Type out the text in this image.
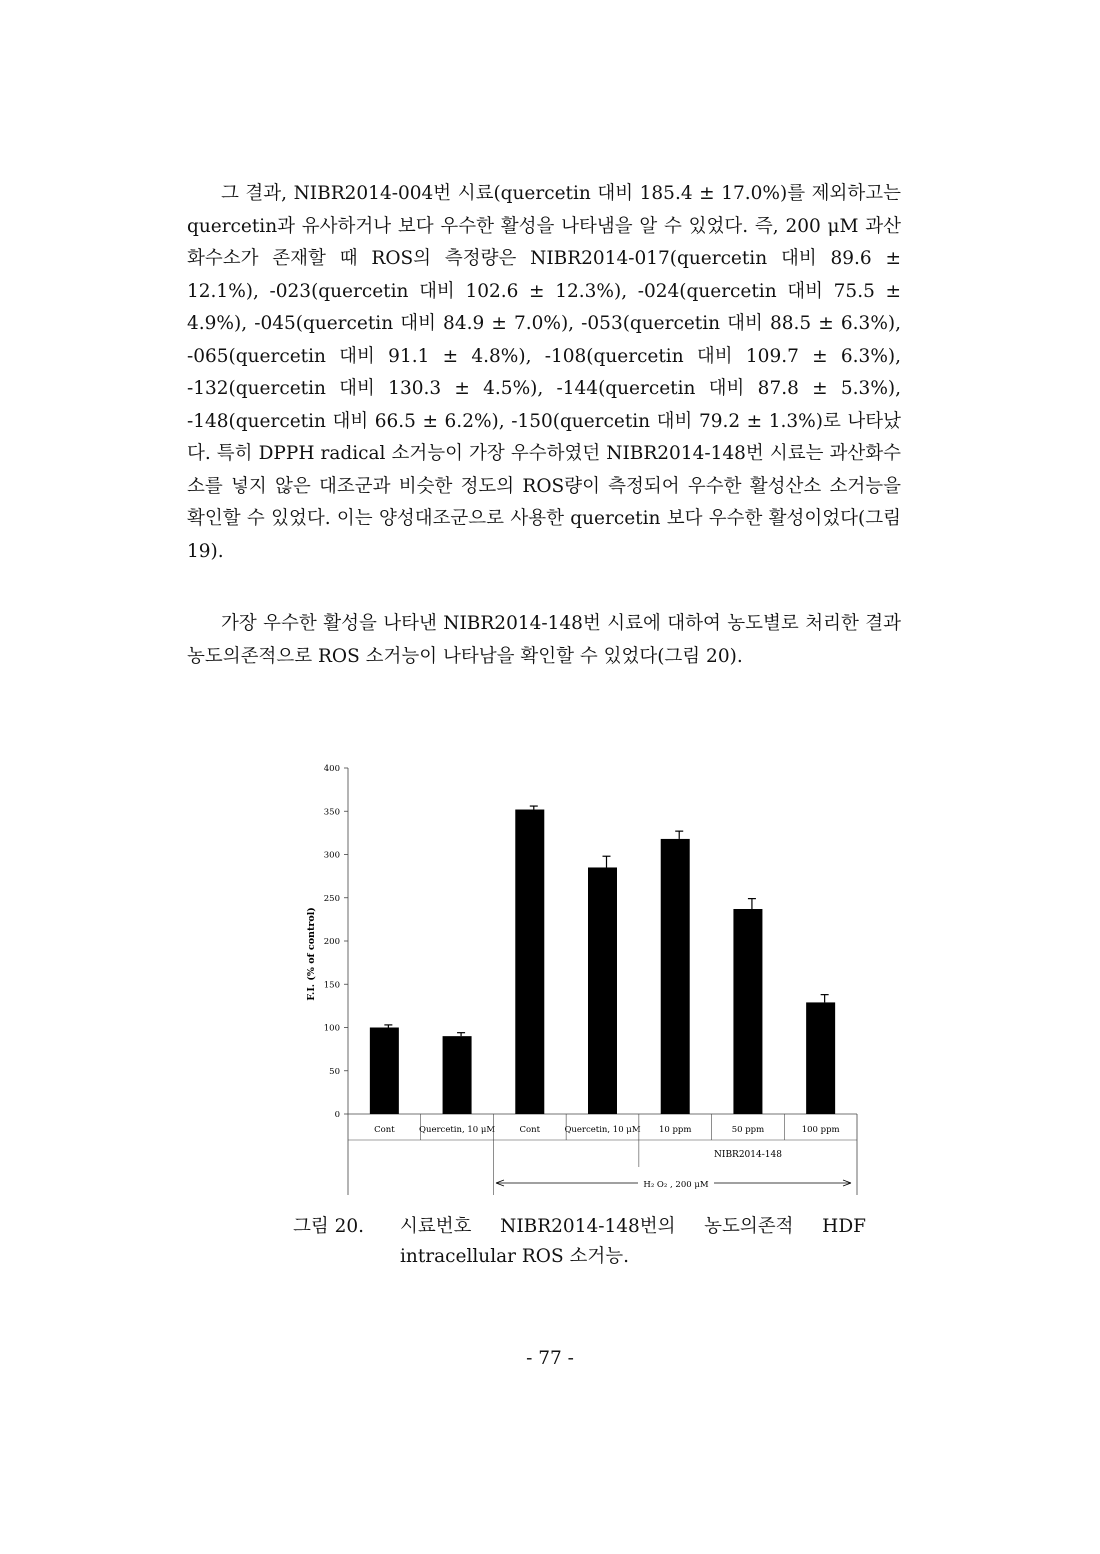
그 결과, NIBR2014-004번 시료(quercetin 대비 185.4 ± 17.0%)를 제외하고는 quercetin과 유사하거나 보다 우수한 활성을 나타냄을 알 수 있었다. 즉, 200 μM 과산화수소가 존재할 때 ROS의 측정량은 NIBR2014-017(quercetin 대비 89.6 ± 12.1%), -023(quercetin 대비 102.6 ± 12.3%), -024(quercetin 대비 75.5 ± 4.9%), -045(quercetin 대비 84.9 ± 7.0%), -053(quercetin 대비 88.5 ± 6.3%), -065(quercetin 대비 91.1 ± 4.8%), -108(quercetin 대비 109.7 ± 6.3%), -132(quercetin 대비 130.3 ± 4.5%), -144(quercetin 대비 87.8 ± 5.3%), -148(quercetin 대비 66.5 ± 6.2%), -150(quercetin 대비 79.2 ± 1.3%)로 나타났다. 특히 DPPH radical 소거능이 가장 우수하였던 NIBR2014-148번 시료는 과산화수소를 넣지 않은 대조군과 비슷한 정도의 ROS량이 측정되어 우수한 활성산소 소거능을 확인할 수 있었다. 이는 양성대조군으로 사용한 quercetin 보다 우수한 활성이었다(그림 19).

가장 우수한 활성을 나타낸 NIBR2014-148번 시료에 대하여 농도별로 처리한 결과 농도의존적으로 ROS 소거능이 나타남을 확인할 수 있었다(그림 20).

0
50
100
150
200
250
300
350
400
Cont	Quercetin, 10 μM	Cont	Quercetin, 10 μM 10 ppm	50 ppm	100 ppm
F.I. (% of control)
NIBR2014-148
H₂ O₂ , 200 μM
그림 20. 시료번호 NIBR2014-148번의 농도의존적 HDF
intracellular ROS 소거능.
- 77 -
